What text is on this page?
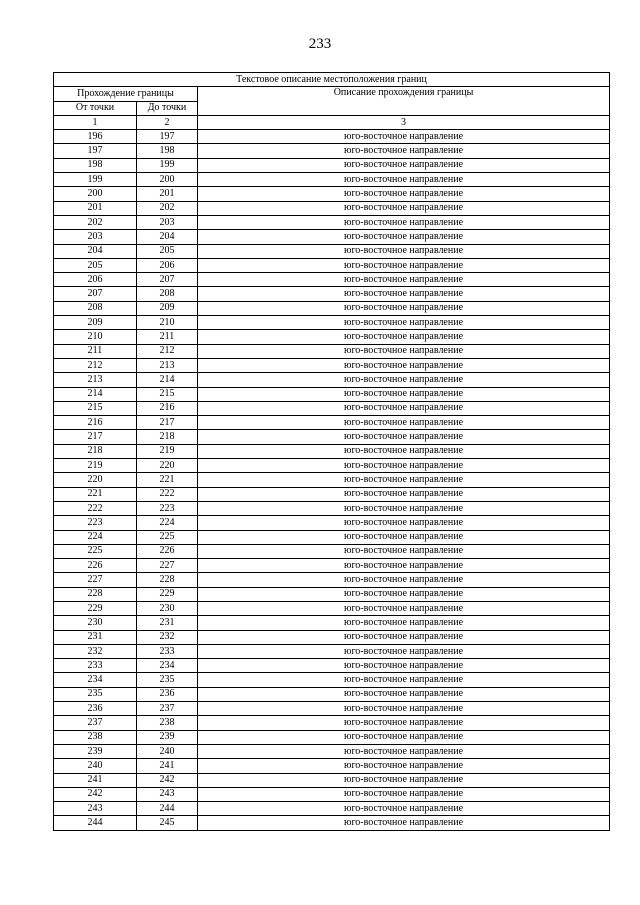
233
Текстовое описание местоположения границ		
Прохождение границы		Описание прохождения границы
От точки	До точки	
1	2	3
196	197	юго-восточное направление
197	198	юго-восточное направление
198	199	юго-восточное направление
199	200	юго-восточное направление
200	201	юго-восточное направление
201	202	юго-восточное направление
202	203	юго-восточное направление
203	204	юго-восточное направление
204	205	юго-восточное направление
205	206	юго-восточное направление
206	207	юго-восточное направление
207	208	юго-восточное направление
208	209	юго-восточное направление
209	210	юго-восточное направление
210	211	юго-восточное направление
211	212	юго-восточное направление
212	213	юго-восточное направление
213	214	юго-восточное направление
214	215	юго-восточное направление
215	216	юго-восточное направление
216	217	юго-восточное направление
217	218	юго-восточное направление
218	219	юго-восточное направление
219	220	юго-восточное направление
220	221	юго-восточное направление
221	222	юго-восточное направление
222	223	юго-восточное направление
223	224	юго-восточное направление
224	225	юго-восточное направление
225	226	юго-восточное направление
226	227	юго-восточное направление
227	228	юго-восточное направление
228	229	юго-восточное направление
229	230	юго-восточное направление
230	231	юго-восточное направление
231	232	юго-восточное направление
232	233	юго-восточное направление
233	234	юго-восточное направление
234	235	юго-восточное направление
235	236	юго-восточное направление
236	237	юго-восточное направление
237	238	юго-восточное направление
238	239	юго-восточное направление
239	240	юго-восточное направление
240	241	юго-восточное направление
241	242	юго-восточное направление
242	243	юго-восточное направление
243	244	юго-восточное направление
244	245	юго-восточное направление
